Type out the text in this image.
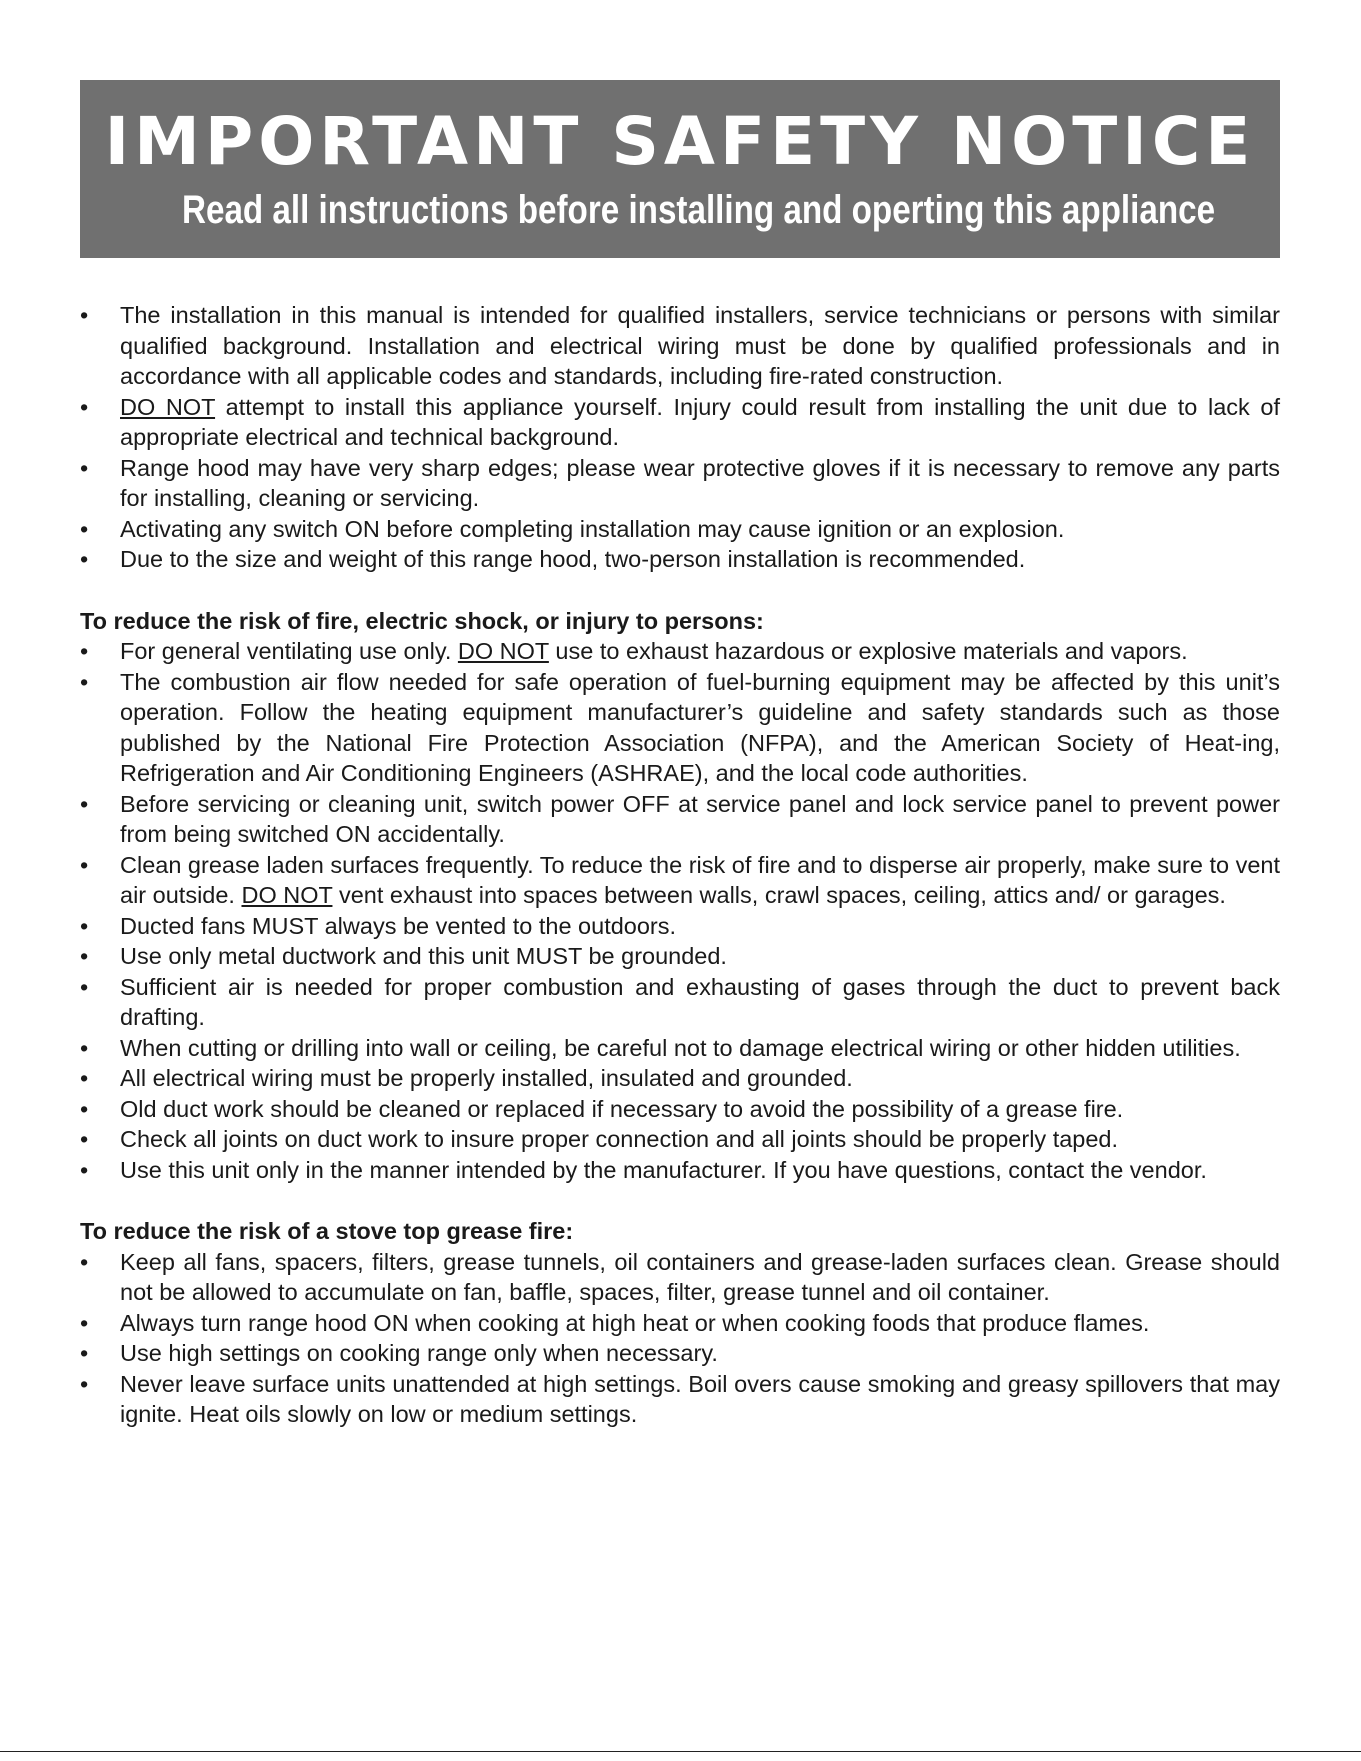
IMPORTANT SAFETY NOTICE
Read all instructions before installing and operting this appliance
• The installation in this manual is intended for qualified installers, service technicians or persons with similar qualified background. Installation and electrical wiring must be done by qualified professionals and in accordance with all applicable codes and standards, including fire-rated construction.
• DO NOT attempt to install this appliance yourself. Injury could result from installing the unit due to lack of appropriate electrical and technical background.
• Range hood may have very sharp edges; please wear protective gloves if it is necessary to remove any parts for installing, cleaning or servicing.
• Activating any switch ON before completing installation may cause ignition or an explosion.
• Due to the size and weight of this range hood, two-person installation is recommended.

To reduce the risk of fire, electric shock, or injury to persons:

• For general ventilating use only. DO NOT use to exhaust hazardous or explosive materials and vapors.
• The combustion air flow needed for safe operation of fuel-burning equipment may be affected by this unit’s operation. Follow the heating equipment manufacturer’s guideline and safety standards such as those published by the National Fire Protection Association (NFPA), and the American Society of Heat-ing, Refrigeration and Air Conditioning Engineers (ASHRAE), and the local code authorities.
• Before servicing or cleaning unit, switch power OFF at service panel and lock service panel to prevent power from being switched ON accidentally.
• Clean grease laden surfaces frequently. To reduce the risk of fire and to disperse air properly, make sure to vent air outside. DO NOT vent exhaust into spaces between walls, crawl spaces, ceiling, attics and/ or garages.
• Ducted fans MUST always be vented to the outdoors.
• Use only metal ductwork and this unit MUST be grounded.
• Sufficient air is needed for proper combustion and exhausting of gases through the duct to prevent back drafting.
• When cutting or drilling into wall or ceiling, be careful not to damage electrical wiring or other hidden utilities.
• All electrical wiring must be properly installed, insulated and grounded.
• Old duct work should be cleaned or replaced if necessary to avoid the possibility of a grease fire.
• Check all joints on duct work to insure proper connection and all joints should be properly taped.
• Use this unit only in the manner intended by the manufacturer. If you have questions, contact the vendor.

To reduce the risk of a stove top grease fire:

• Keep all fans, spacers, filters, grease tunnels, oil containers and grease-laden surfaces clean. Grease should not be allowed to accumulate on fan, baffle, spaces, filter, grease tunnel and oil container.
• Always turn range hood ON when cooking at high heat or when cooking foods that produce flames.
• Use high settings on cooking range only when necessary.
• Never leave surface units unattended at high settings. Boil overs cause smoking and greasy spillovers that may ignite. Heat oils slowly on low or medium settings.
